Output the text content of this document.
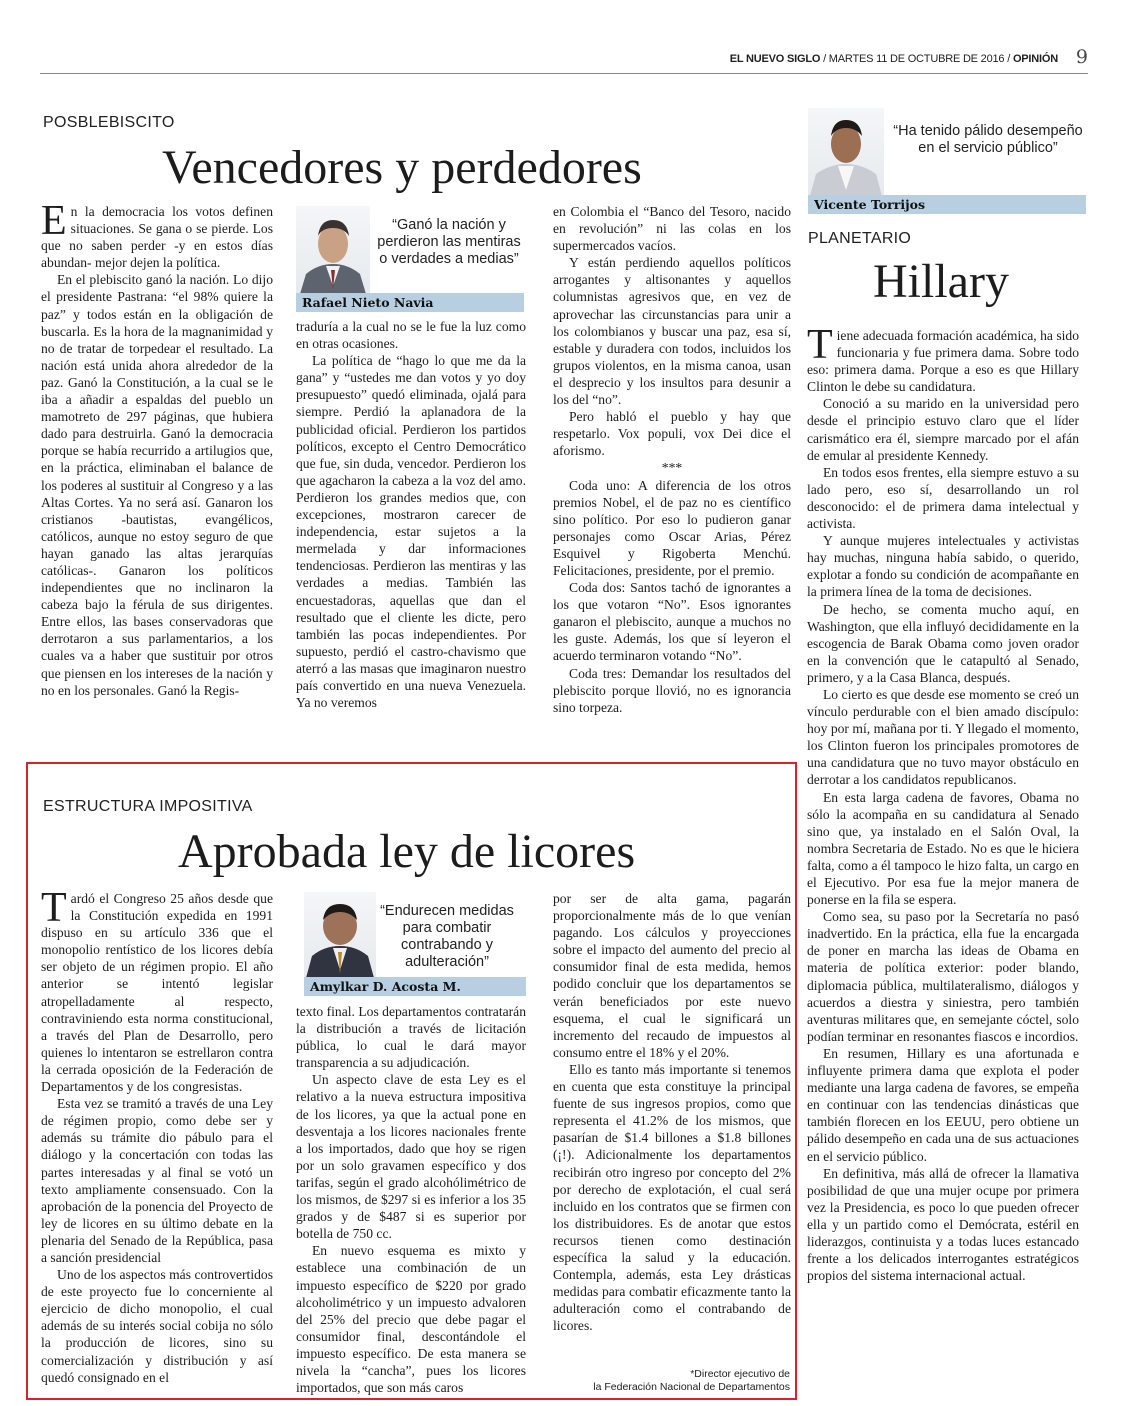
EL NUEVO SIGLO / MARTES 11 DE OCTUBRE DE 2016 / OPINIÓN 9
POSBLEBISCITO
Vencedores y perdedores

En la democracia los votos definen situaciones. Se gana o se pierde. Los que no saben perder -y en estos días abundan- mejor dejen la política.

En el plebiscito ganó la nación. Lo dijo el presidente Pastrana: “el 98% quiere la paz” y todos están en la obligación de buscarla. Es la hora de la magnanimidad y no de tratar de torpedear el resultado. La nación está unida ahora alrededor de la paz. Ganó la Constitución, a la cual se le iba a añadir a espaldas del pueblo un mamotreto de 297 páginas, que hubiera dado para destruirla. Ganó la democracia porque se había recurrido a artilugios que, en la práctica, eliminaban el balance de los poderes al sustituir al Congreso y a las Altas Cortes. Ya no será así. Ganaron los cristianos -bautistas, evangélicos, católicos, aunque no estoy seguro de que hayan ganado las altas jerarquías católicas-. Ganaron los políticos independientes que no inclinaron la cabeza bajo la férula de sus dirigentes. Entre ellos, las bases conservadoras que derrotaron a sus parlamentarios, a los cuales va a haber que sustituir por otros que piensen en los intereses de la nación y no en los personales. Ganó la Regis-

“Ganó la nación y perdieron las mentiras o verdades a medias”
Rafael Nieto Navia

traduría a la cual no se le fue la luz como en otras ocasiones.

La política de “hago lo que me da la gana” y “ustedes me dan votos y yo doy presupuesto” quedó eliminada, ojalá para siempre. Perdió la aplanadora de la publicidad oficial. Perdieron los partidos políticos, excepto el Centro Democrático que fue, sin duda, vencedor. Perdieron los que agacharon la cabeza a la voz del amo. Perdieron los grandes medios que, con excepciones, mostraron carecer de independencia, estar sujetos a la mermelada y dar informaciones tendenciosas. Perdieron las mentiras y las verdades a medias. También las encuestadoras, aquellas que dan el resultado que el cliente les dicte, pero también las pocas independientes. Por supuesto, perdió el castro-chavismo que aterró a las masas que imaginaron nuestro país convertido en una nueva Venezuela. Ya no veremos

en Colombia el “Banco del Tesoro, nacido en revolución” ni las colas en los supermercados vacíos.

Y están perdiendo aquellos políticos arrogantes y altisonantes y aquellos columnistas agresivos que, en vez de aprovechar las circunstancias para unir a los colombianos y buscar una paz, esa sí, estable y duradera con todos, incluidos los grupos violentos, en la misma canoa, usan el desprecio y los insultos para desunir a los del “no”.

Pero habló el pueblo y hay que respetarlo. Vox populi, vox Dei dice el aforismo.

***

Coda uno: A diferencia de los otros premios Nobel, el de paz no es científico sino político. Por eso lo pudieron ganar personajes como Oscar Arias, Pérez Esquivel y Rigoberta Menchú. Felicitaciones, presidente, por el premio.

Coda dos: Santos tachó de ignorantes a los que votaron “No”. Esos ignorantes ganaron el plebiscito, aunque a muchos no les guste. Además, los que sí leyeron el acuerdo terminaron votando “No”.

Coda tres: Demandar los resultados del plebiscito porque llovió, no es ignorancia sino torpeza.

“Ha tenido pálido desempeño en el servicio público”
Vicente Torrijos
PLANETARIO
Hillary

Tiene adecuada formación académica, ha sido funcionaria y fue primera dama. Sobre todo eso: primera dama. Porque a eso es que Hillary Clinton le debe su candidatura.

Conoció a su marido en la universidad pero desde el principio estuvo claro que el líder carismático era él, siempre marcado por el afán de emular al presidente Kennedy.

En todos esos frentes, ella siempre estuvo a su lado pero, eso sí, desarrollando un rol desconocido: el de primera dama intelectual y activista.

Y aunque mujeres intelectuales y activistas hay muchas, ninguna había sabido, o querido, explotar a fondo su condición de acompañante en la primera línea de la toma de decisiones.

De hecho, se comenta mucho aquí, en Washington, que ella influyó decididamente en la escogencia de Barak Obama como joven orador en la convención que le catapultó al Senado, primero, y a la Casa Blanca, después.

Lo cierto es que desde ese momento se creó un vínculo perdurable con el bien amado discípulo: hoy por mí, mañana por ti. Y llegado el momento, los Clinton fueron los principales promotores de una candidatura que no tuvo mayor obstáculo en derrotar a los candidatos republicanos.

En esta larga cadena de favores, Obama no sólo la acompaña en su candidatura al Senado sino que, ya instalado en el Salón Oval, la nombra Secretaria de Estado. No es que le hiciera falta, como a él tampoco le hizo falta, un cargo en el Ejecutivo. Por esa fue la mejor manera de ponerse en la fila se espera.

Como sea, su paso por la Secretaría no pasó inadvertido. En la práctica, ella fue la encargada de poner en marcha las ideas de Obama en materia de política exterior: poder blando, diplomacia pública, multilateralismo, diálogos y acuerdos a diestra y siniestra, pero también aventuras militares que, en semejante cóctel, solo podían terminar en resonantes fiascos e incordios.

En resumen, Hillary es una afortunada e influyente primera dama que explota el poder mediante una larga cadena de favores, se empeña en continuar con las tendencias dinásticas que también florecen en los EEUU, pero obtiene un pálido desempeño en cada una de sus actuaciones en el servicio público.

En definitiva, más allá de ofrecer la llamativa posibilidad de que una mujer ocupe por primera vez la Presidencia, es poco lo que pueden ofrecer ella y un partido como el Demócrata, estéril en liderazgos, continuista y a todas luces estancado frente a los delicados interrogantes estratégicos propios del sistema internacional actual.

ESTRUCTURA IMPOSITIVA
Aprobada ley de licores

Tardó el Congreso 25 años desde que la Constitución expedida en 1991 dispuso en su artículo 336 que el monopolio rentístico de los licores debía ser objeto de un régimen propio. El año anterior se intentó legislar atropelladamente al respecto, contraviniendo esta norma constitucional, a través del Plan de Desarrollo, pero quienes lo intentaron se estrellaron contra la cerrada oposición de la Federación de Departamentos y de los congresistas.

Esta vez se tramitó a través de una Ley de régimen propio, como debe ser y además su trámite dio pábulo para el diálogo y la concertación con todas las partes interesadas y al final se votó un texto ampliamente consensuado. Con la aprobación de la ponencia del Proyecto de ley de licores en su último debate en la plenaria del Senado de la República, pasa a sanción presidencial

Uno de los aspectos más controvertidos de este proyecto fue lo concerniente al ejercicio de dicho monopolio, el cual además de su interés social cobija no sólo la producción de licores, sino su comercialización y distribución y así quedó consignado en el

“Endurecen medidas para combatir contrabando y adulteración”
Amylkar D. Acosta M.

texto final. Los departamentos contratarán la distribución a través de licitación pública, lo cual le dará mayor transparencia a su adjudicación.

Un aspecto clave de esta Ley es el relativo a la nueva estructura impositiva de los licores, ya que la actual pone en desventaja a los licores nacionales frente a los importados, dado que hoy se rigen por un solo gravamen específico y dos tarifas, según el grado alcohólimétrico de los mismos, de $297 si es inferior a los 35 grados y de $487 si es superior por botella de 750 cc.

En nuevo esquema es mixto y establece una combinación de un impuesto específico de $220 por grado alcoholimétrico y un impuesto advaloren del 25% del precio que debe pagar el consumidor final, descontándole el impuesto específico. De esta manera se nivela la “cancha”, pues los licores importados, que son más caros

por ser de alta gama, pagarán proporcionalmente más de lo que venían pagando. Los cálculos y proyecciones sobre el impacto del aumento del precio al consumidor final de esta medida, hemos podido concluir que los departamentos se verán beneficiados por este nuevo esquema, el cual le significará un incremento del recaudo de impuestos al consumo entre el 18% y el 20%.

Ello es tanto más importante si tenemos en cuenta que esta constituye la principal fuente de sus ingresos propios, como que representa el 41.2% de los mismos, que pasarían de $1.4 billones a $1.8 billones (¡!). Adicionalmente los departamentos recibirán otro ingreso por concepto del 2% por derecho de explotación, el cual será incluido en los contratos que se firmen con los distribuidores. Es de anotar que estos recursos tienen como destinación específica la salud y la educación. Contempla, además, esta Ley drásticas medidas para combatir eficazmente tanto la adulteración como el contrabando de licores.

*Director ejecutivo de
la Federación Nacional de Departamentos
